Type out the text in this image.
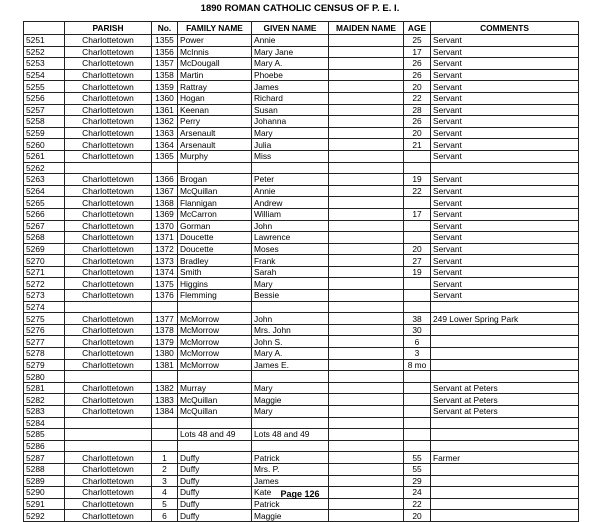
1890 ROMAN CATHOLIC CENSUS OF P. E. I.
	PARISH	No.	FAMILY NAME	GIVEN NAME	MAIDEN NAME	AGE	COMMENTS
5251	Charlottetown	1355	Power	Annie		25	Servant
5252	Charlottetown	1356	McInnis	Mary Jane		17	Servant
5253	Charlottetown	1357	McDougall	Mary A.		26	Servant
5254	Charlottetown	1358	Martin	Phoebe		26	Servant
5255	Charlottetown	1359	Rattray	James		20	Servant
5256	Charlottetown	1360	Hogan	Richard		22	Servant
5257	Charlottetown	1361	Keenan	Susan		28	Servant
5258	Charlottetown	1362	Perry	Johanna		26	Servant
5259	Charlottetown	1363	Arsenault	Mary		20	Servant
5260	Charlottetown	1364	Arsenault	Julia		21	Servant
5261	Charlottetown	1365	Murphy	Miss			Servant
5262							
5263	Charlottetown	1366	Brogan	Peter		19	Servant
5264	Charlottetown	1367	McQuillan	Annie		22	Servant
5265	Charlottetown	1368	Flannigan	Andrew			Servant
5266	Charlottetown	1369	McCarron	William		17	Servant
5267	Charlottetown	1370	Gorman	John			Servant
5268	Charlottetown	1371	Doucette	Lawrence			Servant
5269	Charlottetown	1372	Doucette	Moses		20	Servant
5270	Charlottetown	1373	Bradley	Frank		27	Servant
5271	Charlottetown	1374	Smith	Sarah		19	Servant
5272	Charlottetown	1375	Higgins	Mary			Servant
5273	Charlottetown	1376	Flemming	Bessie			Servant
5274							
5275	Charlottetown	1377	McMorrow	John		38	249 Lower Spring Park
5276	Charlottetown	1378	McMorrow	Mrs. John		30	
5277	Charlottetown	1379	McMorrow	John S.		6	
5278	Charlottetown	1380	McMorrow	Mary A.		3	
5279	Charlottetown	1381	McMorrow	James E.		8 mo	
5280							
5281	Charlottetown	1382	Murray	Mary			Servant at Peters
5282	Charlottetown	1383	McQuillan	Maggie			Servant at Peters
5283	Charlottetown	1384	McQuillan	Mary			Servant at Peters
5284							
5285			Lots 48 and 49	Lots 48 and 49			
5286							
5287	Charlottetown	1	Duffy	Patrick		55	Farmer
5288	Charlottetown	2	Duffy	Mrs. P.		55	
5289	Charlottetown	3	Duffy	James		29	
5290	Charlottetown	4	Duffy	Kate		24	
5291	Charlottetown	5	Duffy	Patrick		22	
5292	Charlottetown	6	Duffy	Maggie		20	
Page 126
